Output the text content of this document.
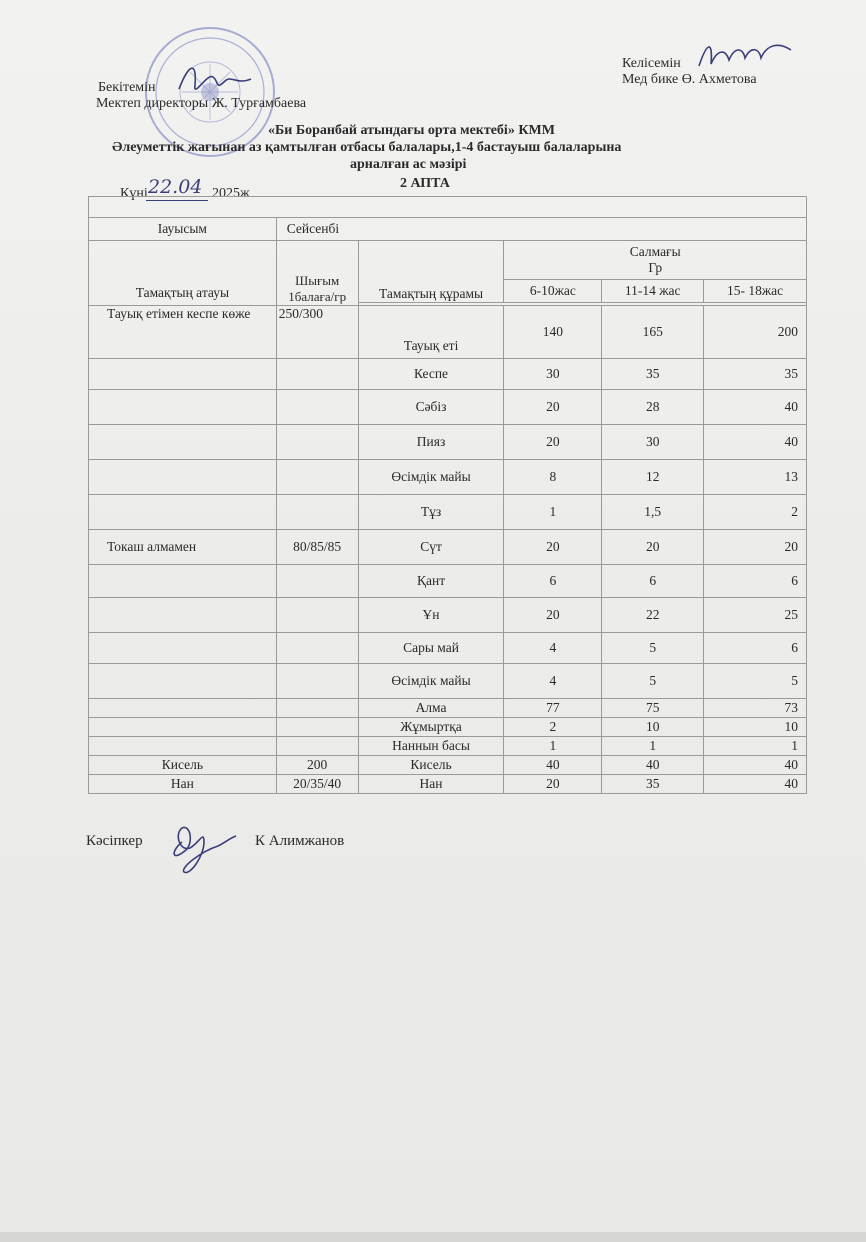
Бекітемін
Мектеп директоры Ж. Турғамбаева
Келісемін
Мед бике Ө. Ахметова
«Би Боранбай атындағы орта мектебі» КММ
Әлеуметтік жағынан аз қамтылған отбасы балалары,1-4 бастауыш балаларына
арналған ас мәзірі
Күні 22.04 2025ж
2 АПТА

Іауысым	Сейсенбі				
Тамақтың атауы	Шығым 1балаға/гр	Тамақтың құрамы	Салмағы
Гр		

			6-10жас	11-14 жас	15- 18жас

Тауық етімен кеспе көже	250/300	Тауық еті	140	165	200
		Кеспе	30	35	35
		Сәбіз	20	28	40
		Пияз	20	30	40
		Өсімдік майы	8	12	13
		Тұз	1	1,5	2
Токаш алмамен	80/85/85	Сүт	20	20	20
		Қант	6	6	6
		Ұн	20	22	25
		Сары май	4	5	6
		Өсімдік майы	4	5	5
		Алма	77	75	73
		Жұмыртқа	2	10	10
		Наннын басы	1	1	1
Кисель	200	Кисель	40	40	40
Нан	20/35/40	Нан	20	35	40
Кәсіпкер	К Алимжанов
